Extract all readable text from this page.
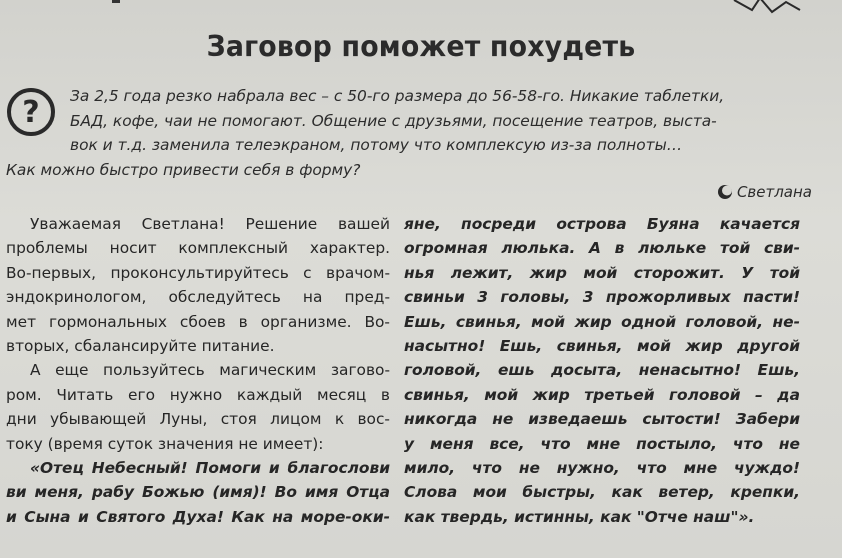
Заговор поможет похудеть
?	За 2,5 года резко набрала вес – с 50-го размера до 56-58-го. Никакие таблетки,
БАД, кофе, чаи не помогают. Общение с друзьями, посещение театров, выста-
вок и т.д. заменила телеэкраном, потому что комплексую из-за полноты…
Как можно быстро привести себя в форму?
Светлана
Уважаемая Светлана! Решение вашей
проблемы носит комплексный характер.
Во-первых, проконсультируйтесь с врачом-
эндокринологом, обследуйтесь на пред-
мет гормональных сбоев в организме. Во-
вторых, сбалансируйте питание.
А еще пользуйтесь магическим загово-
ром. Читать его нужно каждый месяц в
дни убывающей Луны, стоя лицом к вос-
току (время суток значения не имеет):
«Отец Небесный! Помоги и благослови
ви меня, рабу Божью (имя)! Во имя Отца
и Сына и Святого Духа! Как на море-оки-
яне, посреди острова Буяна качается
огромная люлька. А в люльке той сви-
нья лежит, жир мой сторожит. У той
свиньи 3 головы, 3 прожорливых пасти!
Ешь, свинья, мой жир одной головой, не-
насытно! Ешь, свинья, мой жир другой
головой, ешь досыта, ненасытно! Ешь,
свинья, мой жир третьей головой – да
никогда не изведаешь сытости! Забери
у меня все, что мне постыло, что не
мило, что не нужно, что мне чуждо!
Слова мои быстры, как ветер, крепки,
как твердь, истинны, как "Отче наш"».
